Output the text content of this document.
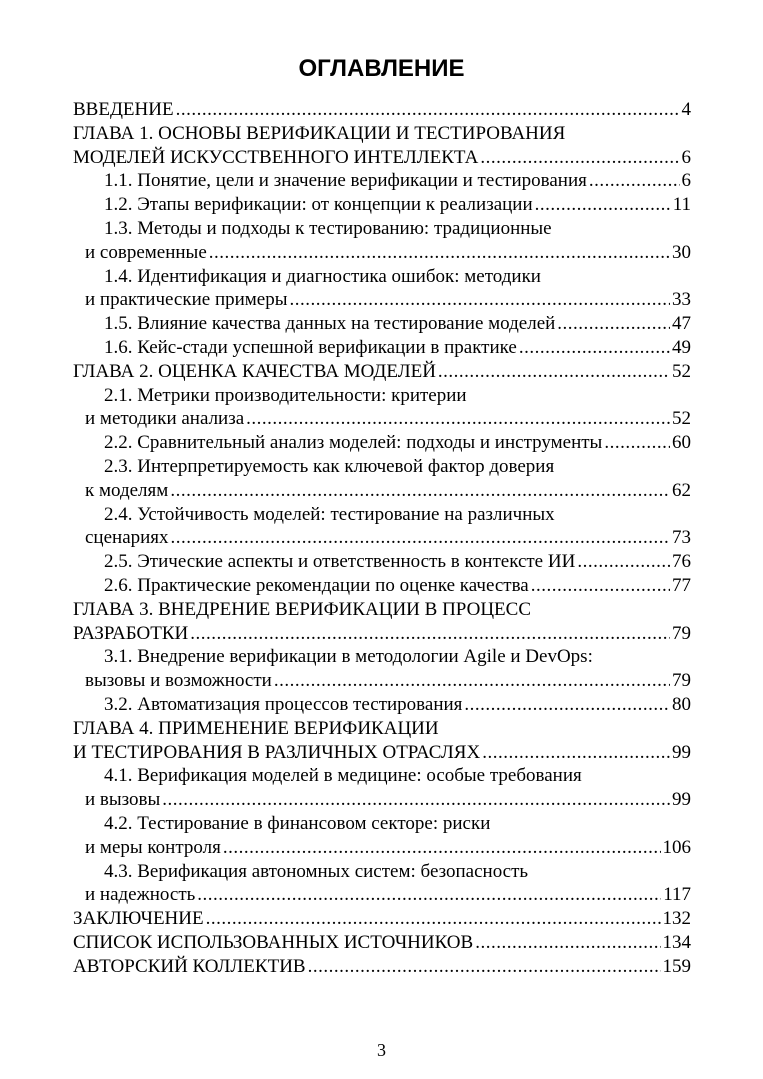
ОГЛАВЛЕНИЕ
ВВЕДЕНИЕ .....	4
ГЛАВА 1. ОСНОВЫ ВЕРИФИКАЦИИ И ТЕСТИРОВАНИЯ
МОДЕЛЕЙ ИСКУССТВЕННОГО ИНТЕЛЛЕКТА .....	6
1.1. Понятие, цели и значение верификации и тестирования .....	6
1.2. Этапы верификации: от концепции к реализации .....	11
1.3. Методы и подходы к тестированию: традиционные
и современные .....	30
1.4. Идентификация и диагностика ошибок: методики
и практические примеры .....	33
1.5. Влияние качества данных на тестирование моделей .....	47
1.6. Кейс-стади успешной верификации в практике .....	49
ГЛАВА 2. ОЦЕНКА КАЧЕСТВА МОДЕЛЕЙ .....	52
2.1. Метрики производительности: критерии
и методики анализа .....	52
2.2. Сравнительный анализ моделей: подходы и инструменты .....	60
2.3. Интерпретируемость как ключевой фактор доверия
к моделям .....	62
2.4. Устойчивость моделей: тестирование на различных
сценариях .....	73
2.5. Этические аспекты и ответственность в контексте ИИ .....	76
2.6. Практические рекомендации по оценке качества .....	77
ГЛАВА 3. ВНЕДРЕНИЕ ВЕРИФИКАЦИИ В ПРОЦЕСС
РАЗРАБОТКИ .....	79
3.1. Внедрение верификации в методологии Agile и DevOps:
вызовы и возможности .....	79
3.2. Автоматизация процессов тестирования .....	80
ГЛАВА 4. ПРИМЕНЕНИЕ ВЕРИФИКАЦИИ
И ТЕСТИРОВАНИЯ В РАЗЛИЧНЫХ ОТРАСЛЯХ .....	99
4.1. Верификация моделей в медицине: особые требования
и вызовы .....	99
4.2. Тестирование в финансовом секторе: риски
и меры контроля .....	106
4.3. Верификация автономных систем: безопасность
и надежность .....	117
ЗАКЛЮЧЕНИЕ .....	132
СПИСОК ИСПОЛЬЗОВАННЫХ ИСТОЧНИКОВ .....	134
АВТОРСКИЙ КОЛЛЕКТИВ .....	159
3
